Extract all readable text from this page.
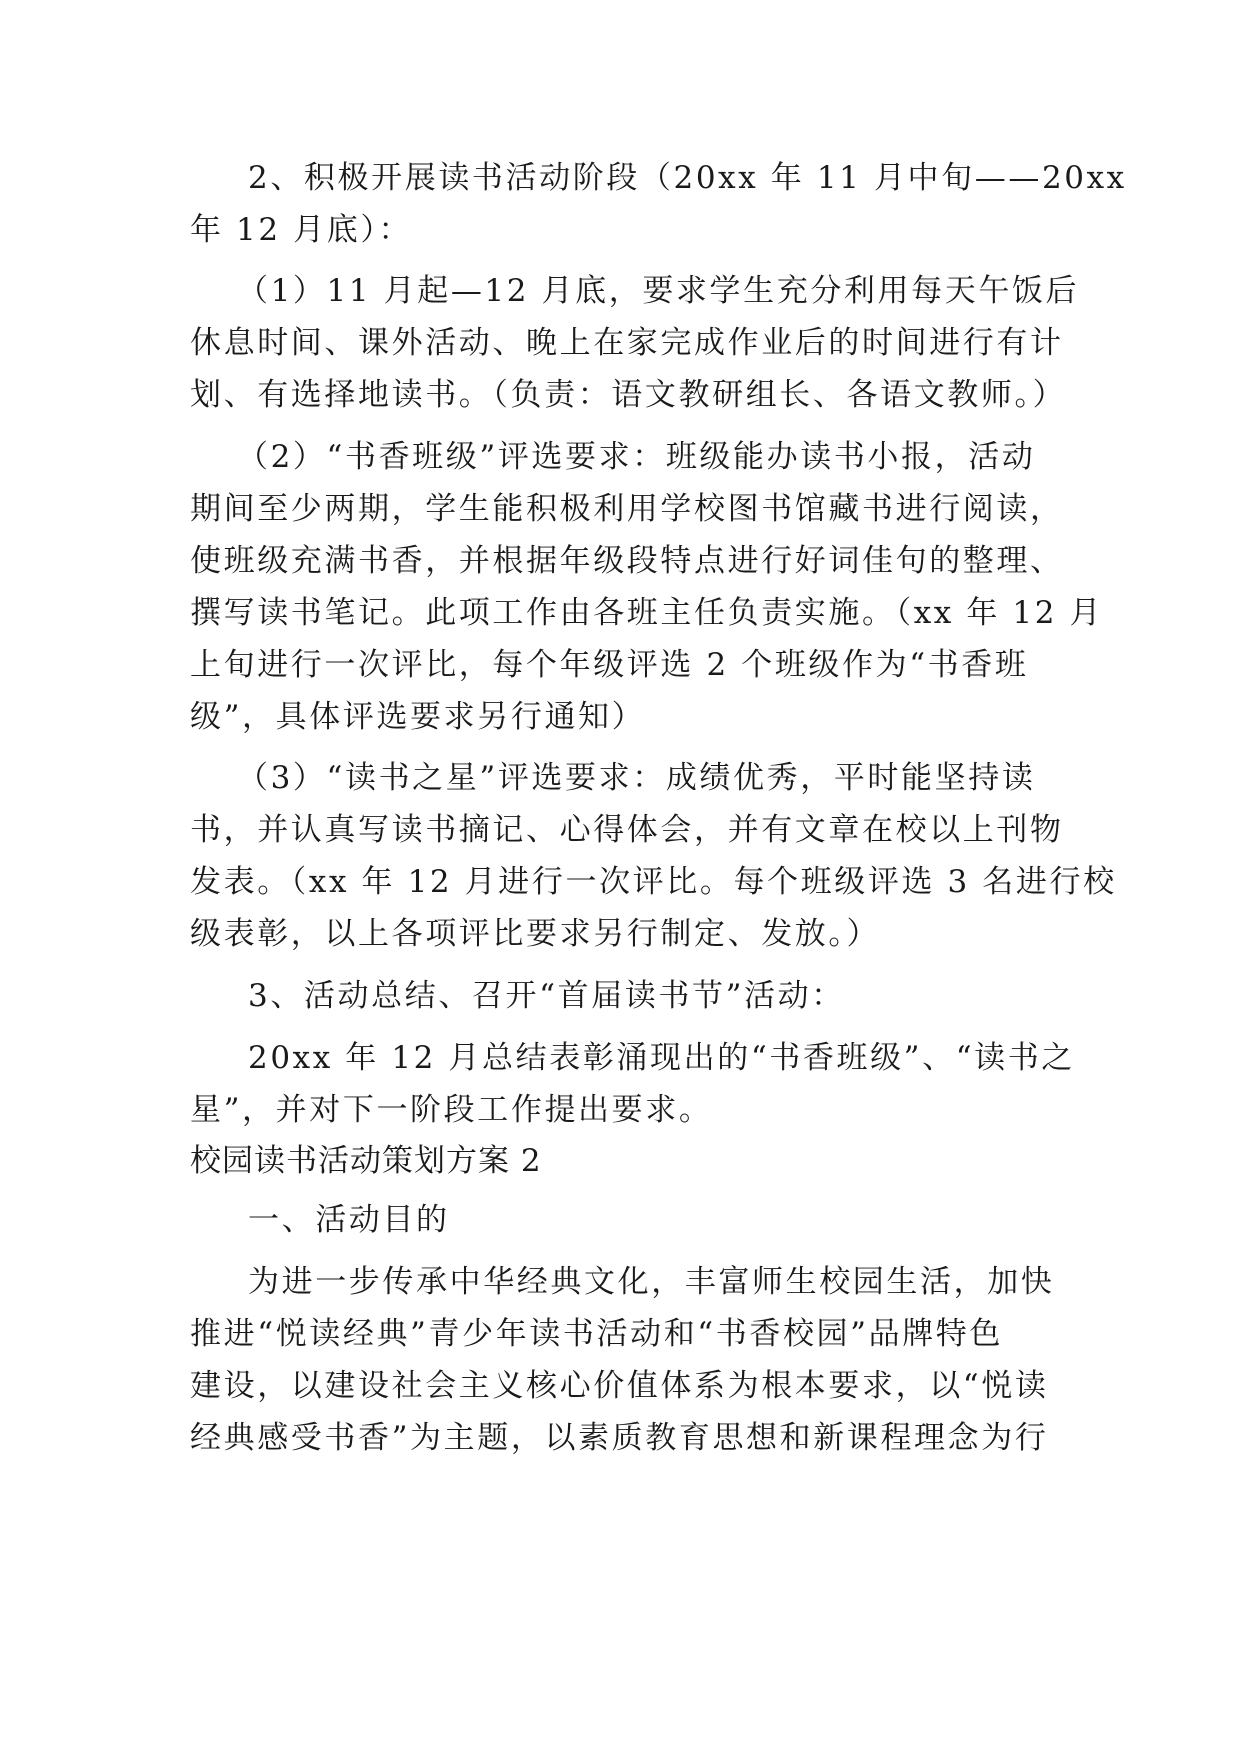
2、积极开展读书活动阶段（20xx 年 11 月中旬——20xx
年 12 月底）：
（1）11 月起—12 月底，要求学生充分利用每天午饭后
休息时间、课外活动、晚上在家完成作业后的时间进行有计
划、有选择地读书。（负责：语文教研组长、各语文教师。）
（2）“书香班级”评选要求：班级能办读书小报，活动
期间至少两期，学生能积极利用学校图书馆藏书进行阅读，
使班级充满书香，并根据年级段特点进行好词佳句的整理、
撰写读书笔记。此项工作由各班主任负责实施。（xx 年 12 月
上旬进行一次评比，每个年级评选 2 个班级作为“书香班
级”，具体评选要求另行通知）
（3）“读书之星”评选要求：成绩优秀，平时能坚持读
书，并认真写读书摘记、心得体会，并有文章在校以上刊物
发表。（xx 年 12 月进行一次评比。每个班级评选 3 名进行校
级表彰，以上各项评比要求另行制定、发放。）
3、活动总结、召开“首届读书节”活动：
20xx 年 12 月总结表彰涌现出的“书香班级”、“读书之
星”，并对下一阶段工作提出要求。
校园读书活动策划方案 2
一、活动目的
为进一步传承中华经典文化，丰富师生校园生活，加快
推进“悦读经典”青少年读书活动和“书香校园”品牌特色
建设，以建设社会主义核心价值体系为根本要求，以“悦读
经典感受书香”为主题，以素质教育思想和新课程理念为行
